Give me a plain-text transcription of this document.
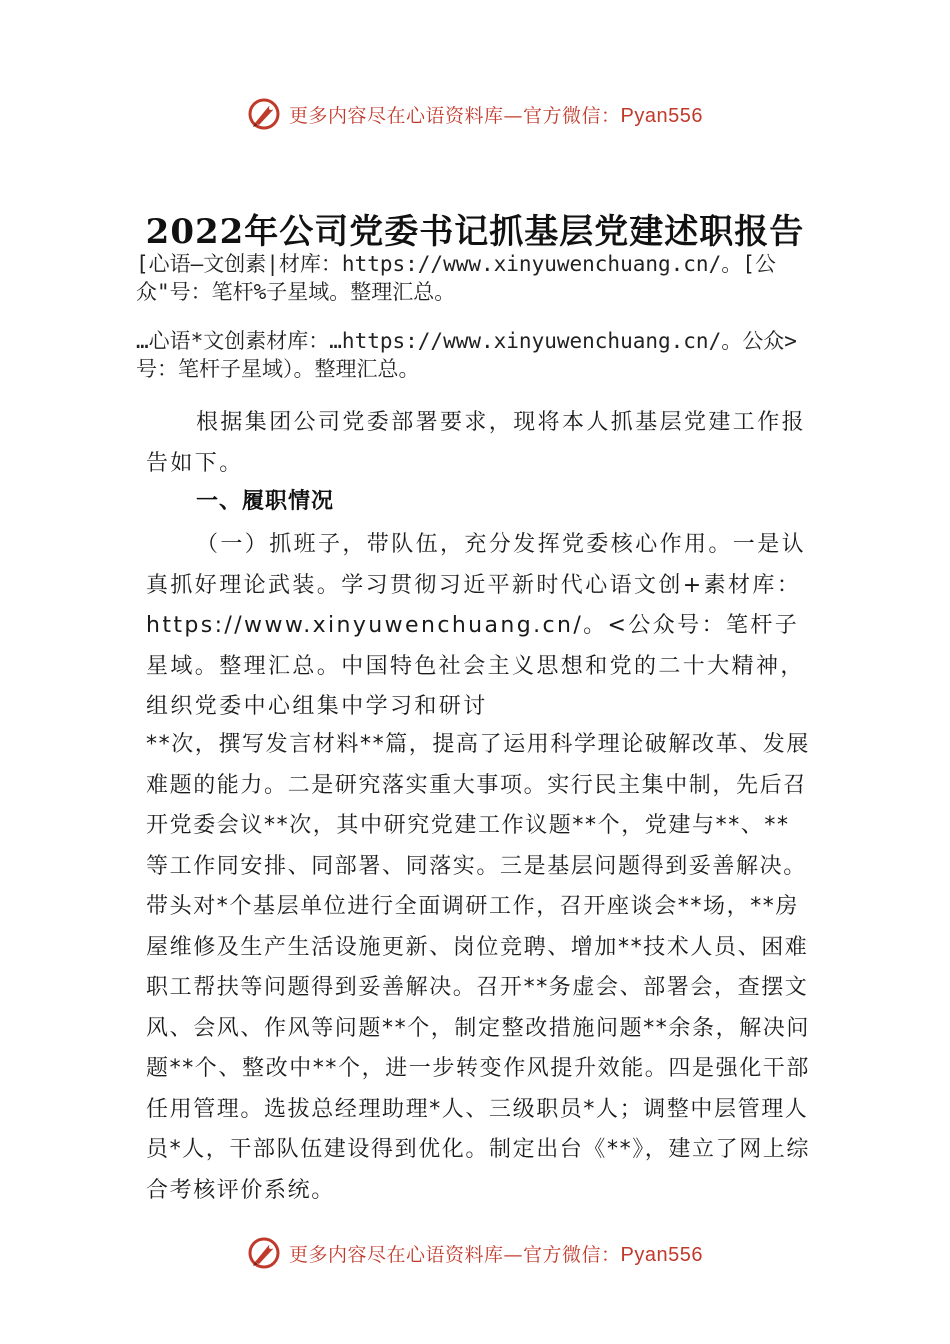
更多内容尽在心语资料库—官方微信：Pyan556
2022年公司党委书记抓基层党建述职报告

[心语—文创素|材库：https://www.xinyuwenchuang.cn/。[公众"号：笔杆%子星域。整理汇总。

…心语*文创素材库：…https://www.xinyuwenchuang.cn/。公众>号：笔杆子星域）。整理汇总。

根据集团公司党委部署要求，现将本人抓基层党建工作报告如下。

一、履职情况

（一）抓班子，带队伍，充分发挥党委核心作用。一是认真抓好理论武装。学习贯彻习近平新时代心语文创+素材库：https://www.xinyuwenchuang.cn/。<公众号：笔杆子星域。整理汇总。中国特色社会主义思想和党的二十大精神，组织党委中心组集中学习和研讨

**次，撰写发言材料**篇，提高了运用科学理论破解改革、发展难题的能力。二是研究落实重大事项。实行民主集中制，先后召开党委会议**次，其中研究党建工作议题**个，党建与**、**等工作同安排、同部署、同落实。三是基层问题得到妥善解决。带头对*个基层单位进行全面调研工作，召开座谈会**场，**房屋维修及生产生活设施更新、岗位竞聘、增加**技术人员、困难职工帮扶等问题得到妥善解决。召开**务虚会、部署会，查摆文风、会风、作风等问题**个，制定整改措施问题**余条，解决问题**个、整改中**个，进一步转变作风提升效能。四是强化干部任用管理。选拔总经理助理*人、三级职员*人；调整中层管理人员*人，干部队伍建设得到优化。制定出台《**》，建立了网上综合考核评价系统。

更多内容尽在心语资料库—官方微信：Pyan556
